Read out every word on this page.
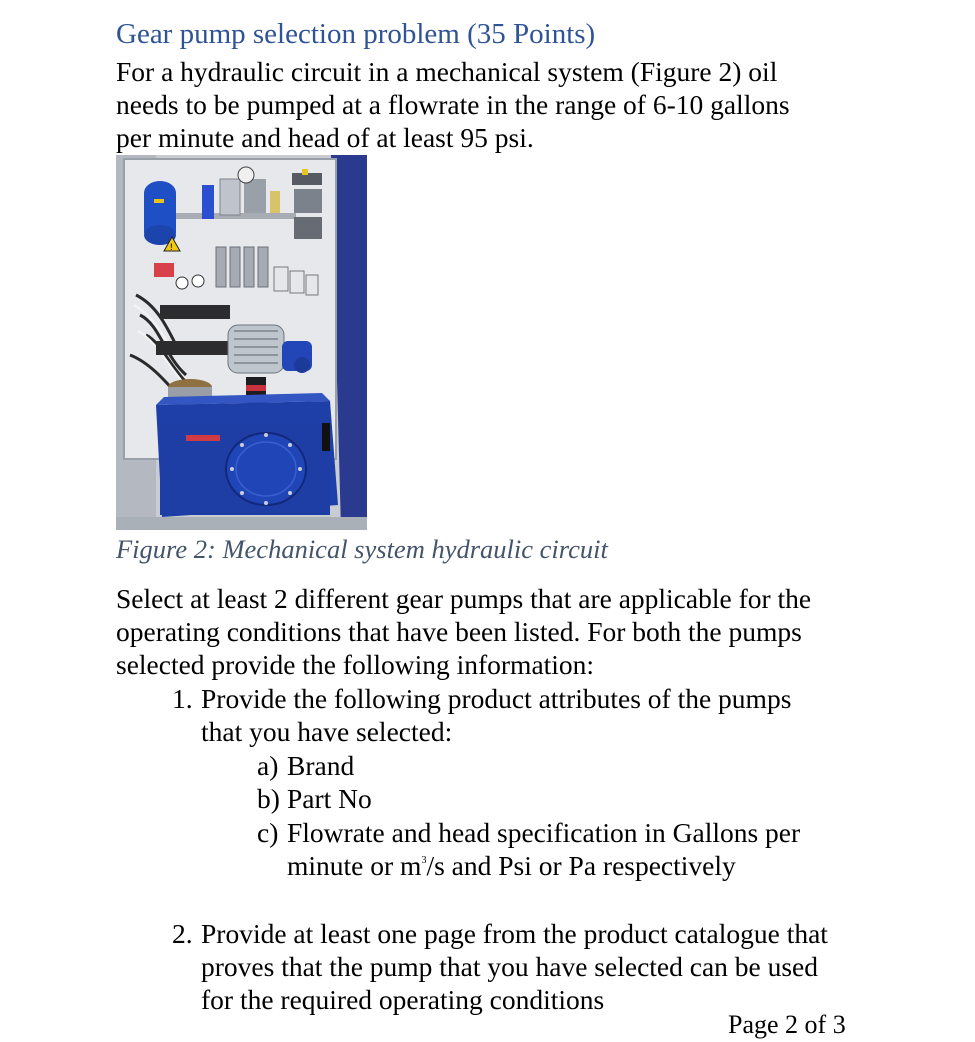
Gear pump selection problem (35 Points)
For a hydraulic circuit in a mechanical system (Figure 2) oil
needs to be pumped at a flowrate in the range of 6-10 gallons
per minute and head of at least 95 psi.
!
Figure 2: Mechanical system hydraulic circuit
Select at least 2 different gear pumps that are applicable for the
operating conditions that have been listed. For both the pumps
selected provide the following information:
1. Provide the following product attributes of the pumps
that you have selected:
a) Brand
b) Part No
c) Flowrate and head specification in Gallons per
minute or $m^3/s$ and Psi or Pa respectively
2. Provide at least one page from the product catalogue that
proves that the pump that you have selected can be used
for the required operating conditions
Page 2 of 3
